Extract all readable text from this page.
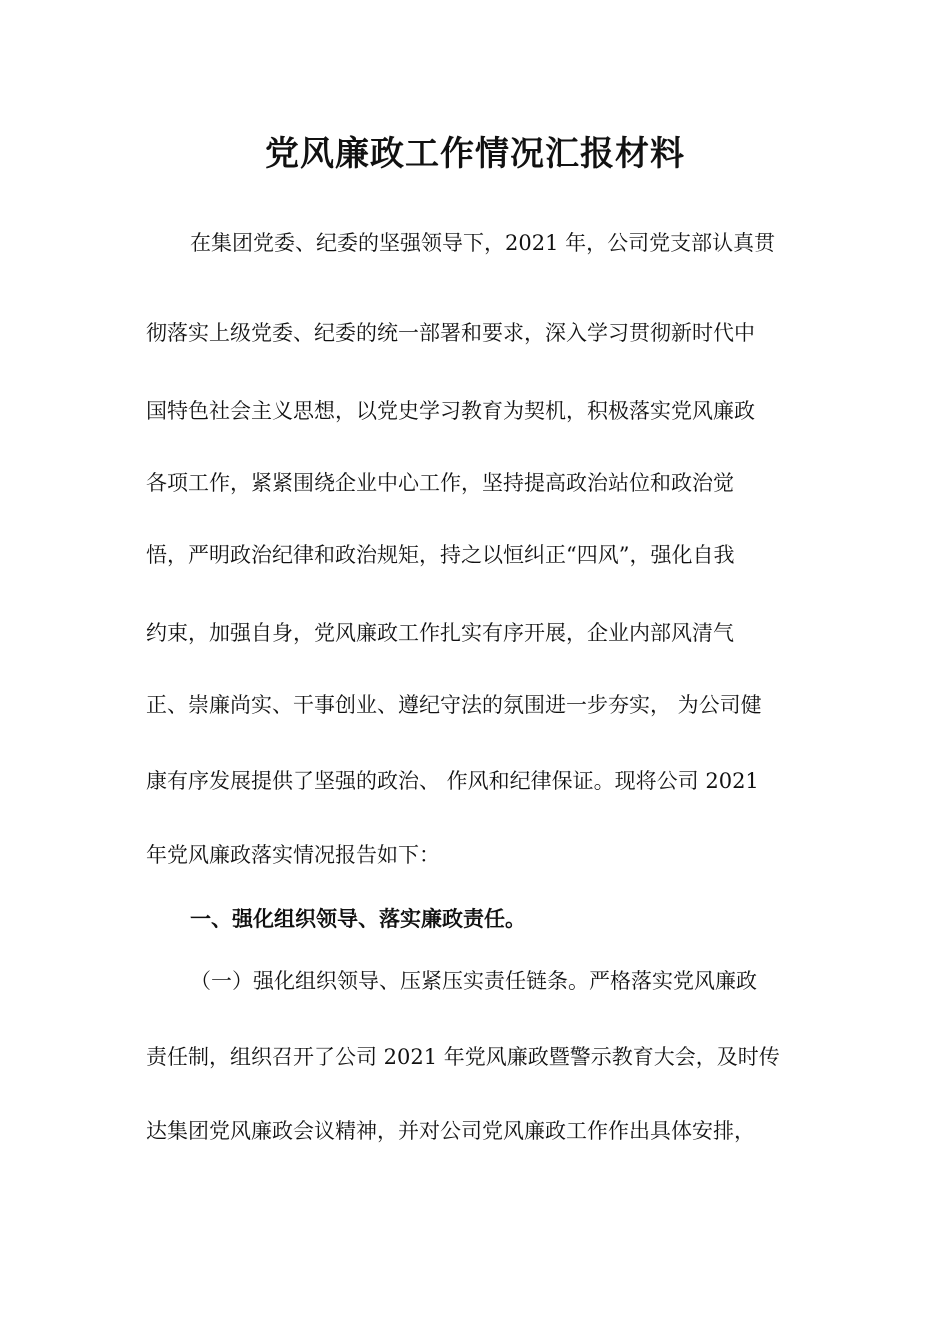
党风廉政工作情况汇报材料
在集团党委、纪委的坚强领导下，2021 年，公司党支部认真贯
彻落实上级党委、纪委的统一部署和要求，深入学习贯彻新时代中
国特色社会主义思想，以党史学习教育为契机，积极落实党风廉政
各项工作，紧紧围绕企业中心工作，坚持提高政治站位和政治觉
悟，严明政治纪律和政治规矩，持之以恒纠正“四风”，强化自我
约束，加强自身，党风廉政工作扎实有序开展，企业内部风清气
正、崇廉尚实、干事创业、遵纪守法的氛围进一步夯实， 为公司健
康有序发展提供了坚强的政治、 作风和纪律保证。现将公司 2021
年党风廉政落实情况报告如下：
一、强化组织领导、落实廉政责任。
（一）强化组织领导、压紧压实责任链条。严格落实党风廉政
责任制，组织召开了公司 2021 年党风廉政暨警示教育大会，及时传
达集团党风廉政会议精神，并对公司党风廉政工作作出具体安排，
